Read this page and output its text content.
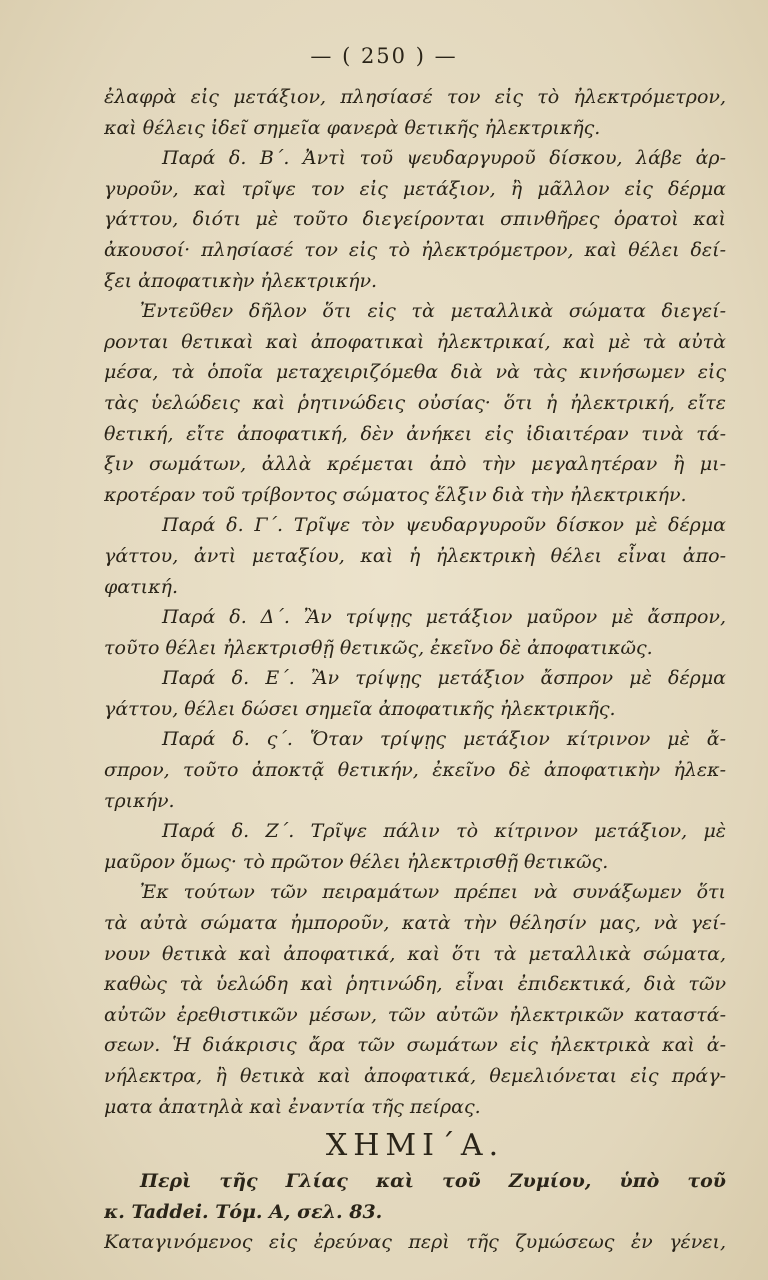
— ( 250 ) —
ἐλαφρὰ εἰς μετάξιον, πλησίασέ τον εἰς τὸ ἠλεκτρόμετρον,
καὶ θέλεις ἰδεῖ σημεῖα φανερὰ θετικῆς ἠλεκτρικῆς.
Παρά δ. Β΄. Ἀντὶ τοῦ ψευδαργυροῦ δίσκου, λάβε ἀρ-
γυροῦν, καὶ τρῖψε τον εἰς μετάξιον, ἢ μᾶλλον εἰς δέρμα
γάττου, διότι μὲ τοῦτο διεγείρονται σπινθῆρες ὁρατοὶ καὶ
ἀκουσοί· πλησίασέ τον εἰς τὸ ἠλεκτρόμετρον, καὶ θέλει δεί-
ξει ἀποφατικὴν ἠλεκτρικήν.
Ἐντεῦθεν δῆλον ὅτι εἰς τὰ μεταλλικὰ σώματα διεγεί-
ρονται θετικαὶ καὶ ἀποφατικαὶ ἠλεκτρικαί, καὶ μὲ τὰ αὐτὰ
μέσα, τὰ ὁποῖα μεταχειριζόμεθα διὰ νὰ τὰς κινήσωμεν εἰς
τὰς ὑελώδεις καὶ ῥητινώδεις οὐσίας· ὅτι ἡ ἠλεκτρική, εἴτε
θετική, εἴτε ἀποφατική, δὲν ἀνήκει εἰς ἰδιαιτέραν τινὰ τά-
ξιν σωμάτων, ἀλλὰ κρέμεται ἀπὸ τὴν μεγαλητέραν ἢ μι-
κροτέραν τοῦ τρίβοντος σώματος ἕλξιν διὰ τὴν ἠλεκτρικήν.
Παρά δ. Γ΄. Τρῖψε τὸν ψευδαργυροῦν δίσκον μὲ δέρμα
γάττου, ἀντὶ μεταξίου, καὶ ἡ ἠλεκτρικὴ θέλει εἶναι ἀπο-
φατική.
Παρά δ. Δ΄. Ἂν τρίψῃς μετάξιον μαῦρον μὲ ἄσπρον,
τοῦτο θέλει ἠλεκτρισθῇ θετικῶς, ἐκεῖνο δὲ ἀποφατικῶς.
Παρά δ. Ε΄. Ἂν τρίψῃς μετάξιον ἄσπρον μὲ δέρμα
γάττου, θέλει δώσει σημεῖα ἀποφατικῆς ἠλεκτρικῆς.
Παρά δ. ς΄. Ὅταν τρίψῃς μετάξιον κίτρινον μὲ ἄ-
σπρον, τοῦτο ἀποκτᾷ θετικήν, ἐκεῖνο δὲ ἀποφατικὴν ἠλεκ-
τρικήν.
Παρά δ. Ζ΄. Τρῖψε πάλιν τὸ κίτρινον μετάξιον, μὲ
μαῦρον ὅμως· τὸ πρῶτον θέλει ἠλεκτρισθῇ θετικῶς.
Ἐκ τούτων τῶν πειραμάτων πρέπει νὰ συνάξωμεν ὅτι
τὰ αὐτὰ σώματα ἠμποροῦν, κατὰ τὴν θέλησίν μας, νὰ γεί-
νουν θετικὰ καὶ ἀποφατικά, καὶ ὅτι τὰ μεταλλικὰ σώματα,
καθὼς τὰ ὑελώδη καὶ ῥητινώδη, εἶναι ἐπιδεκτικά, διὰ τῶν
αὐτῶν ἐρεθιστικῶν μέσων, τῶν αὐτῶν ἠλεκτρικῶν καταστά-
σεων. Ἡ διάκρισις ἄρα τῶν σωμάτων εἰς ἠλεκτρικὰ καὶ ἀ-
νήλεκτρα, ἢ θετικὰ καὶ ἀποφατικά, θεμελιόνεται εἰς πράγ-
ματα ἀπατηλὰ καὶ ἐναντία τῆς πείρας.
ΧΗΜΙ΄Α.
Περὶ τῆς Γλίας καὶ τοῦ Ζυμίου, ὑπὸ τοῦ
κ. Taddei. Τόμ. Α, σελ. 83.
Καταγινόμενος εἰς ἐρεύνας περὶ τῆς ζυμώσεως ἐν γένει,
